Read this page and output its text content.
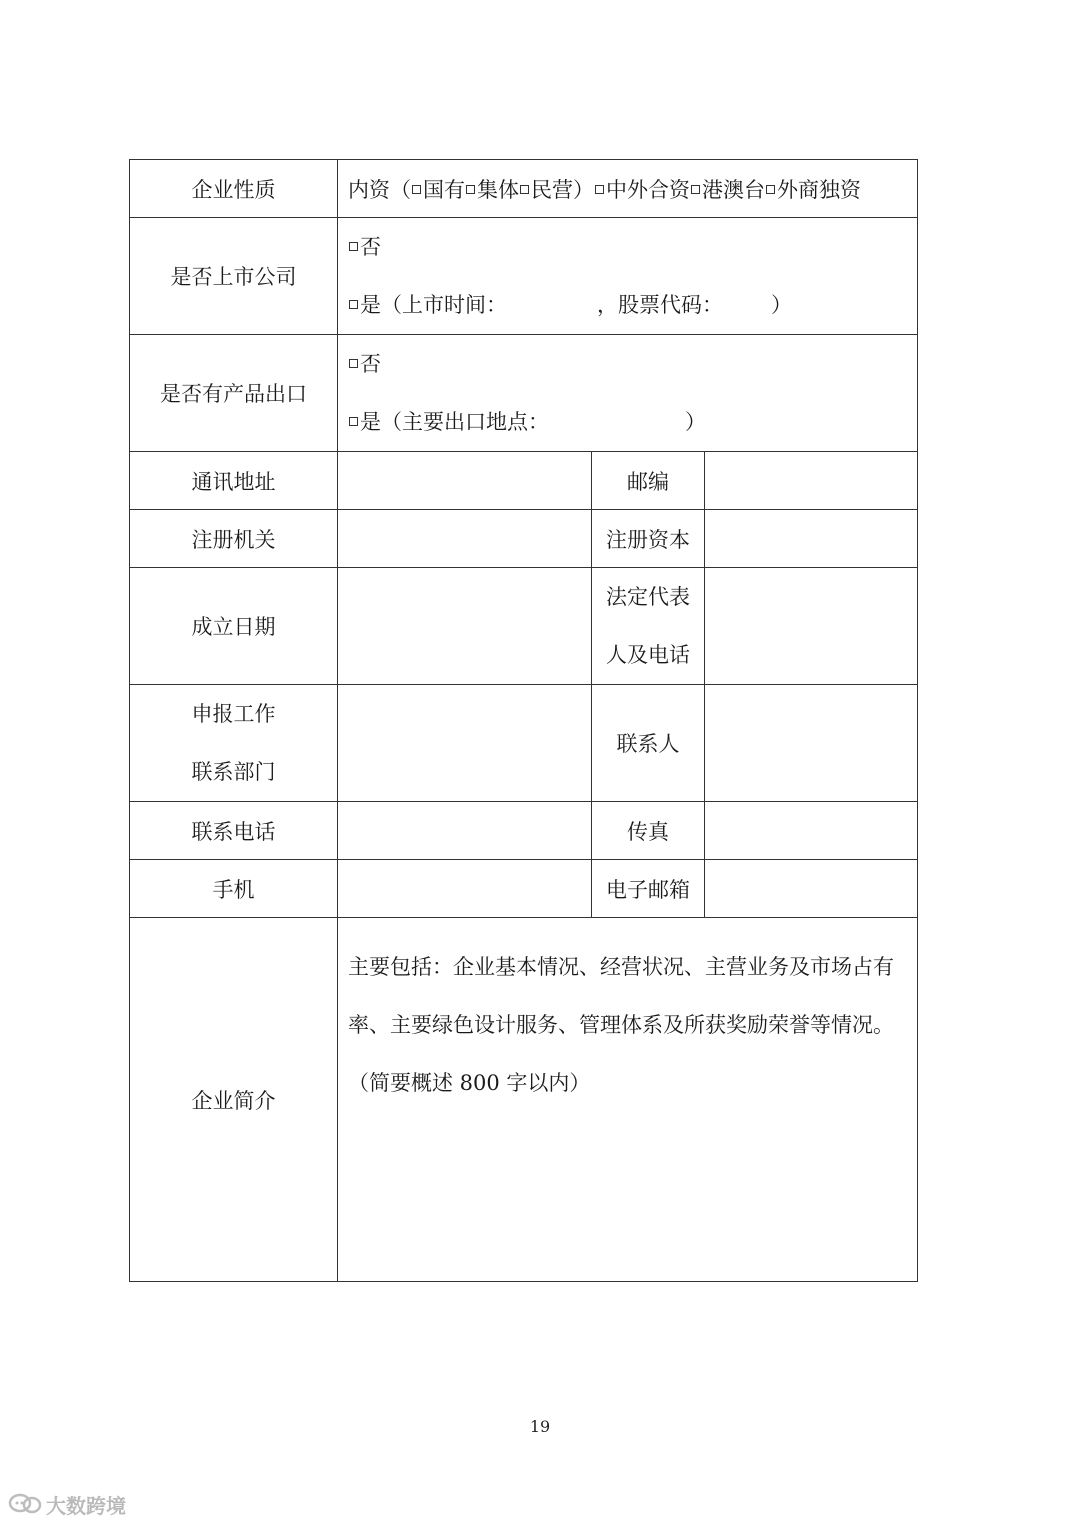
企业性质	内资（ 国有 集体 民营） 中外合资 港澳台 外商独资		
是否上市公司	否
是（上市时间： ，股票代码： ）		

是否有产品出口	否
是（主要出口地点： ）		

通讯地址		邮编	
注册机关		注册资本	
成立日期		法定代表
人及电话	

申报工作
联系部门		联系人	
联系电话		传真	
手机		电子邮箱	
企业简介	主要包括：企业基本情况、经营状况、主营业务及市场占有

率、主要绿色设计服务、管理体系及所获奖励荣誉等情况。

（简要概述 800 字以内）		

19
大数跨境
